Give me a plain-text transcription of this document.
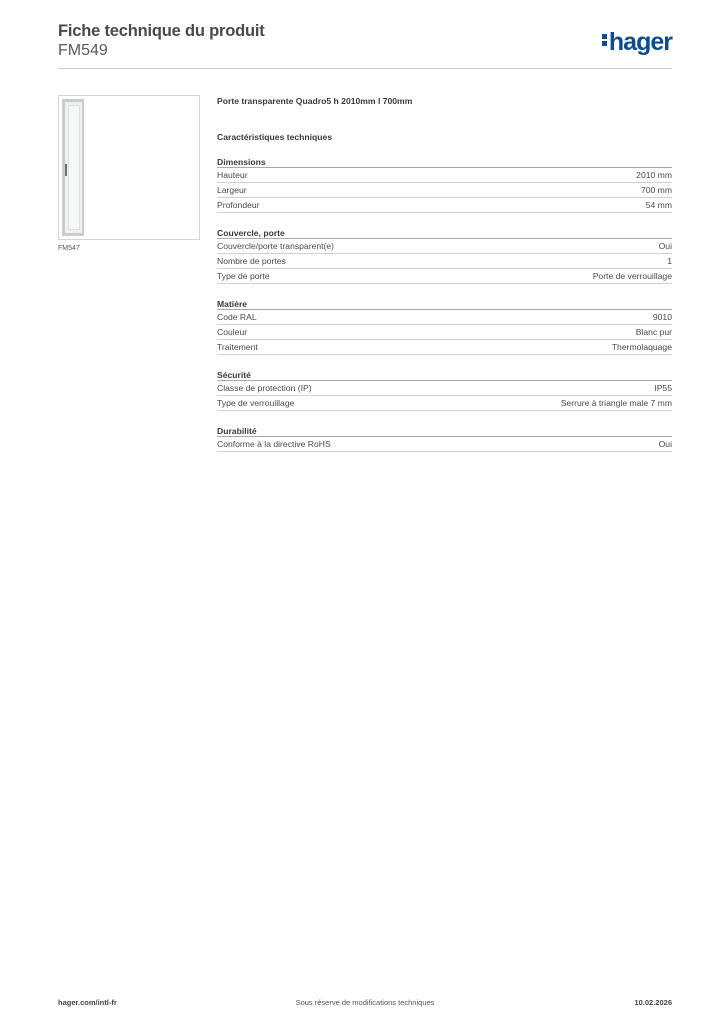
Fiche technique du produit
FM549	hager
FM547
Porte transparente Quadro5 h 2010mm l 700mm
Caractéristiques techniques
Dimensions
Hauteur	2010 mm
Largeur	700 mm
Profondeur	54 mm
Couvercle, porte
Couvercle/porte transparent(e)	Oui
Nombre de portes	1
Type de porte	Porte de verrouillage
Matière
Code RAL	9010
Couleur	Blanc pur
Traitement	Thermolaquage
Sécurité
Classe de protection (IP)	IP55
Type de verrouillage	Serrure à triangle male 7 mm
Durabilité
Conforme à la directive RoHS	Oui
hager.com/intl-fr	Sous réserve de modifications techniques	10.02.2026
